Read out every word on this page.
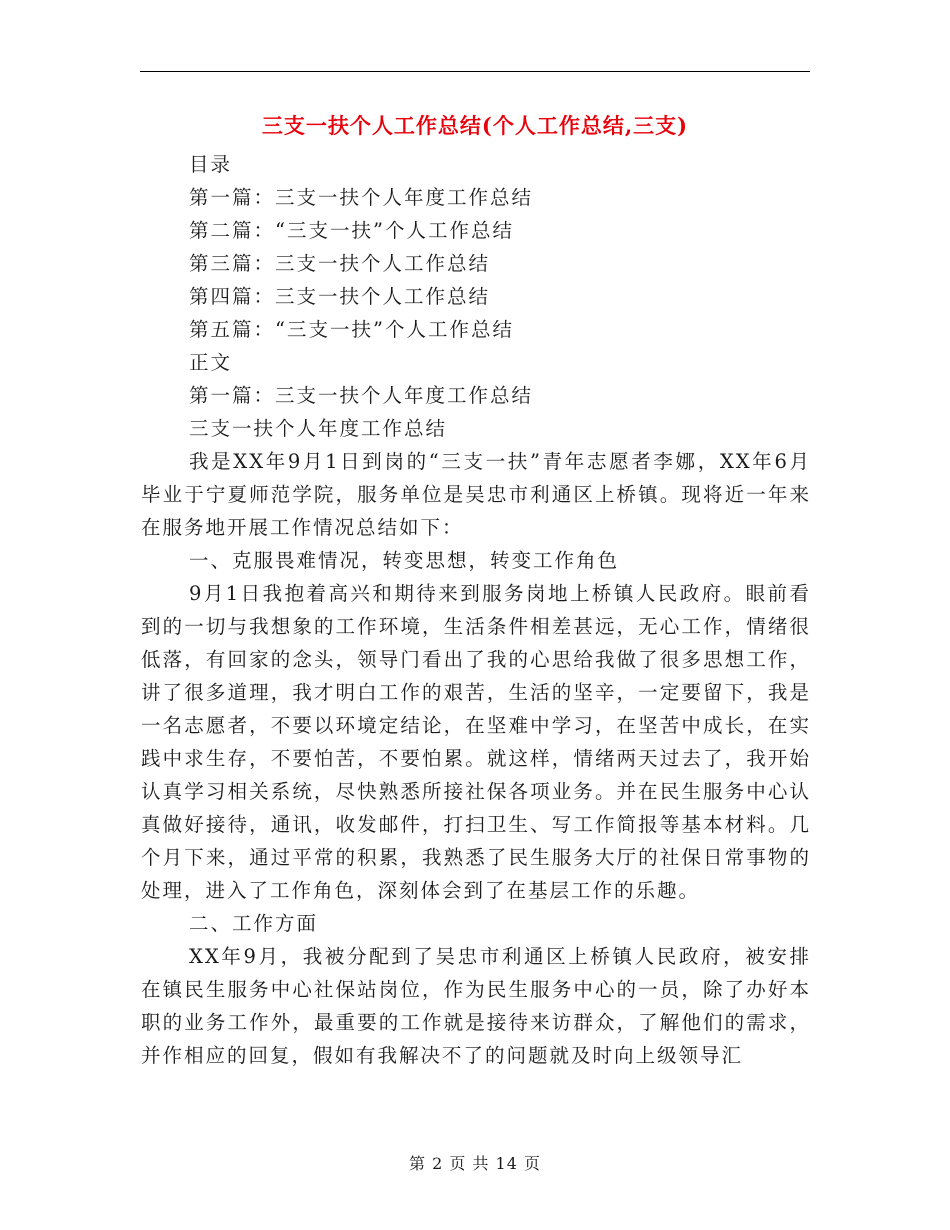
三支一扶个人工作总结(个人工作总结,三支)

目录

第一篇：三支一扶个人年度工作总结

第二篇：“三支一扶”个人工作总结

第三篇：三支一扶个人工作总结

第四篇：三支一扶个人工作总结

第五篇：“三支一扶”个人工作总结

正文

第一篇：三支一扶个人年度工作总结

三支一扶个人年度工作总结

我是XX年9月1日到岗的“三支一扶”青年志愿者李娜，XX年6月毕业于宁夏师范学院，服务单位是吴忠市利通区上桥镇。现将近一年来在服务地开展工作情况总结如下：

一、克服畏难情况，转变思想，转变工作角色

9月1日我抱着高兴和期待来到服务岗地上桥镇人民政府。眼前看到的一切与我想象的工作环境，生活条件相差甚远，无心工作，情绪很低落，有回家的念头，领导门看出了我的心思给我做了很多思想工作，讲了很多道理，我才明白工作的艰苦，生活的坚辛，一定要留下，我是一名志愿者，不要以环境定结论，在坚难中学习，在坚苦中成长，在实践中求生存，不要怕苦，不要怕累。就这样，情绪两天过去了，我开始认真学习相关系统，尽快熟悉所接社保各项业务。并在民生服务中心认真做好接待，通讯，收发邮件，打扫卫生、写工作简报等基本材料。几个月下来，通过平常的积累，我熟悉了民生服务大厅的社保日常事物的处理，进入了工作角色，深刻体会到了在基层工作的乐趣。

二、工作方面

XX年9月，我被分配到了吴忠市利通区上桥镇人民政府，被安排在镇民生服务中心社保站岗位，作为民生服务中心的一员，除了办好本职的业务工作外，最重要的工作就是接待来访群众，了解他们的需求，并作相应的回复，假如有我解决不了的问题就及时向上级领导汇

第 2 页 共 14 页
